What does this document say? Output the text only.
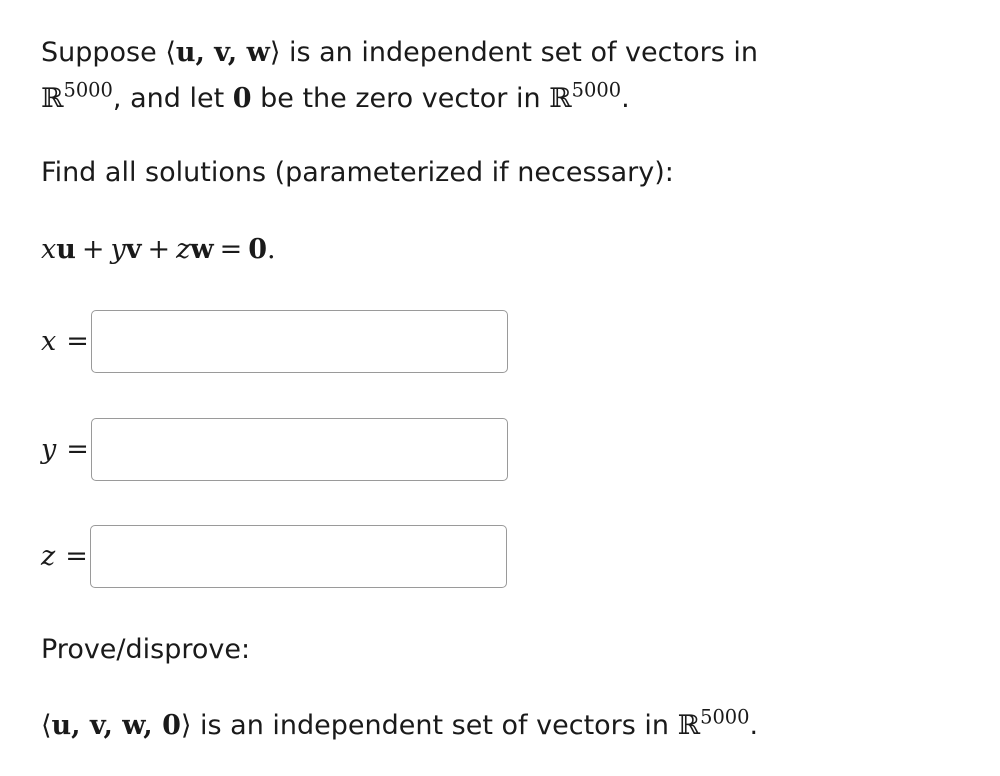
Suppose ⟨u, v, w⟩ is an independent set of vectors in
ℝ$^{5000}$, and let 0 be the zero vector in ℝ$^{5000}$.
Find all solutions (parameterized if necessary):
xu + yv + zw = 0.
x =
y =
z =
Prove/disprove:
⟨u, v, w, 0⟩ is an independent set of vectors in ℝ$^{5000}$.
